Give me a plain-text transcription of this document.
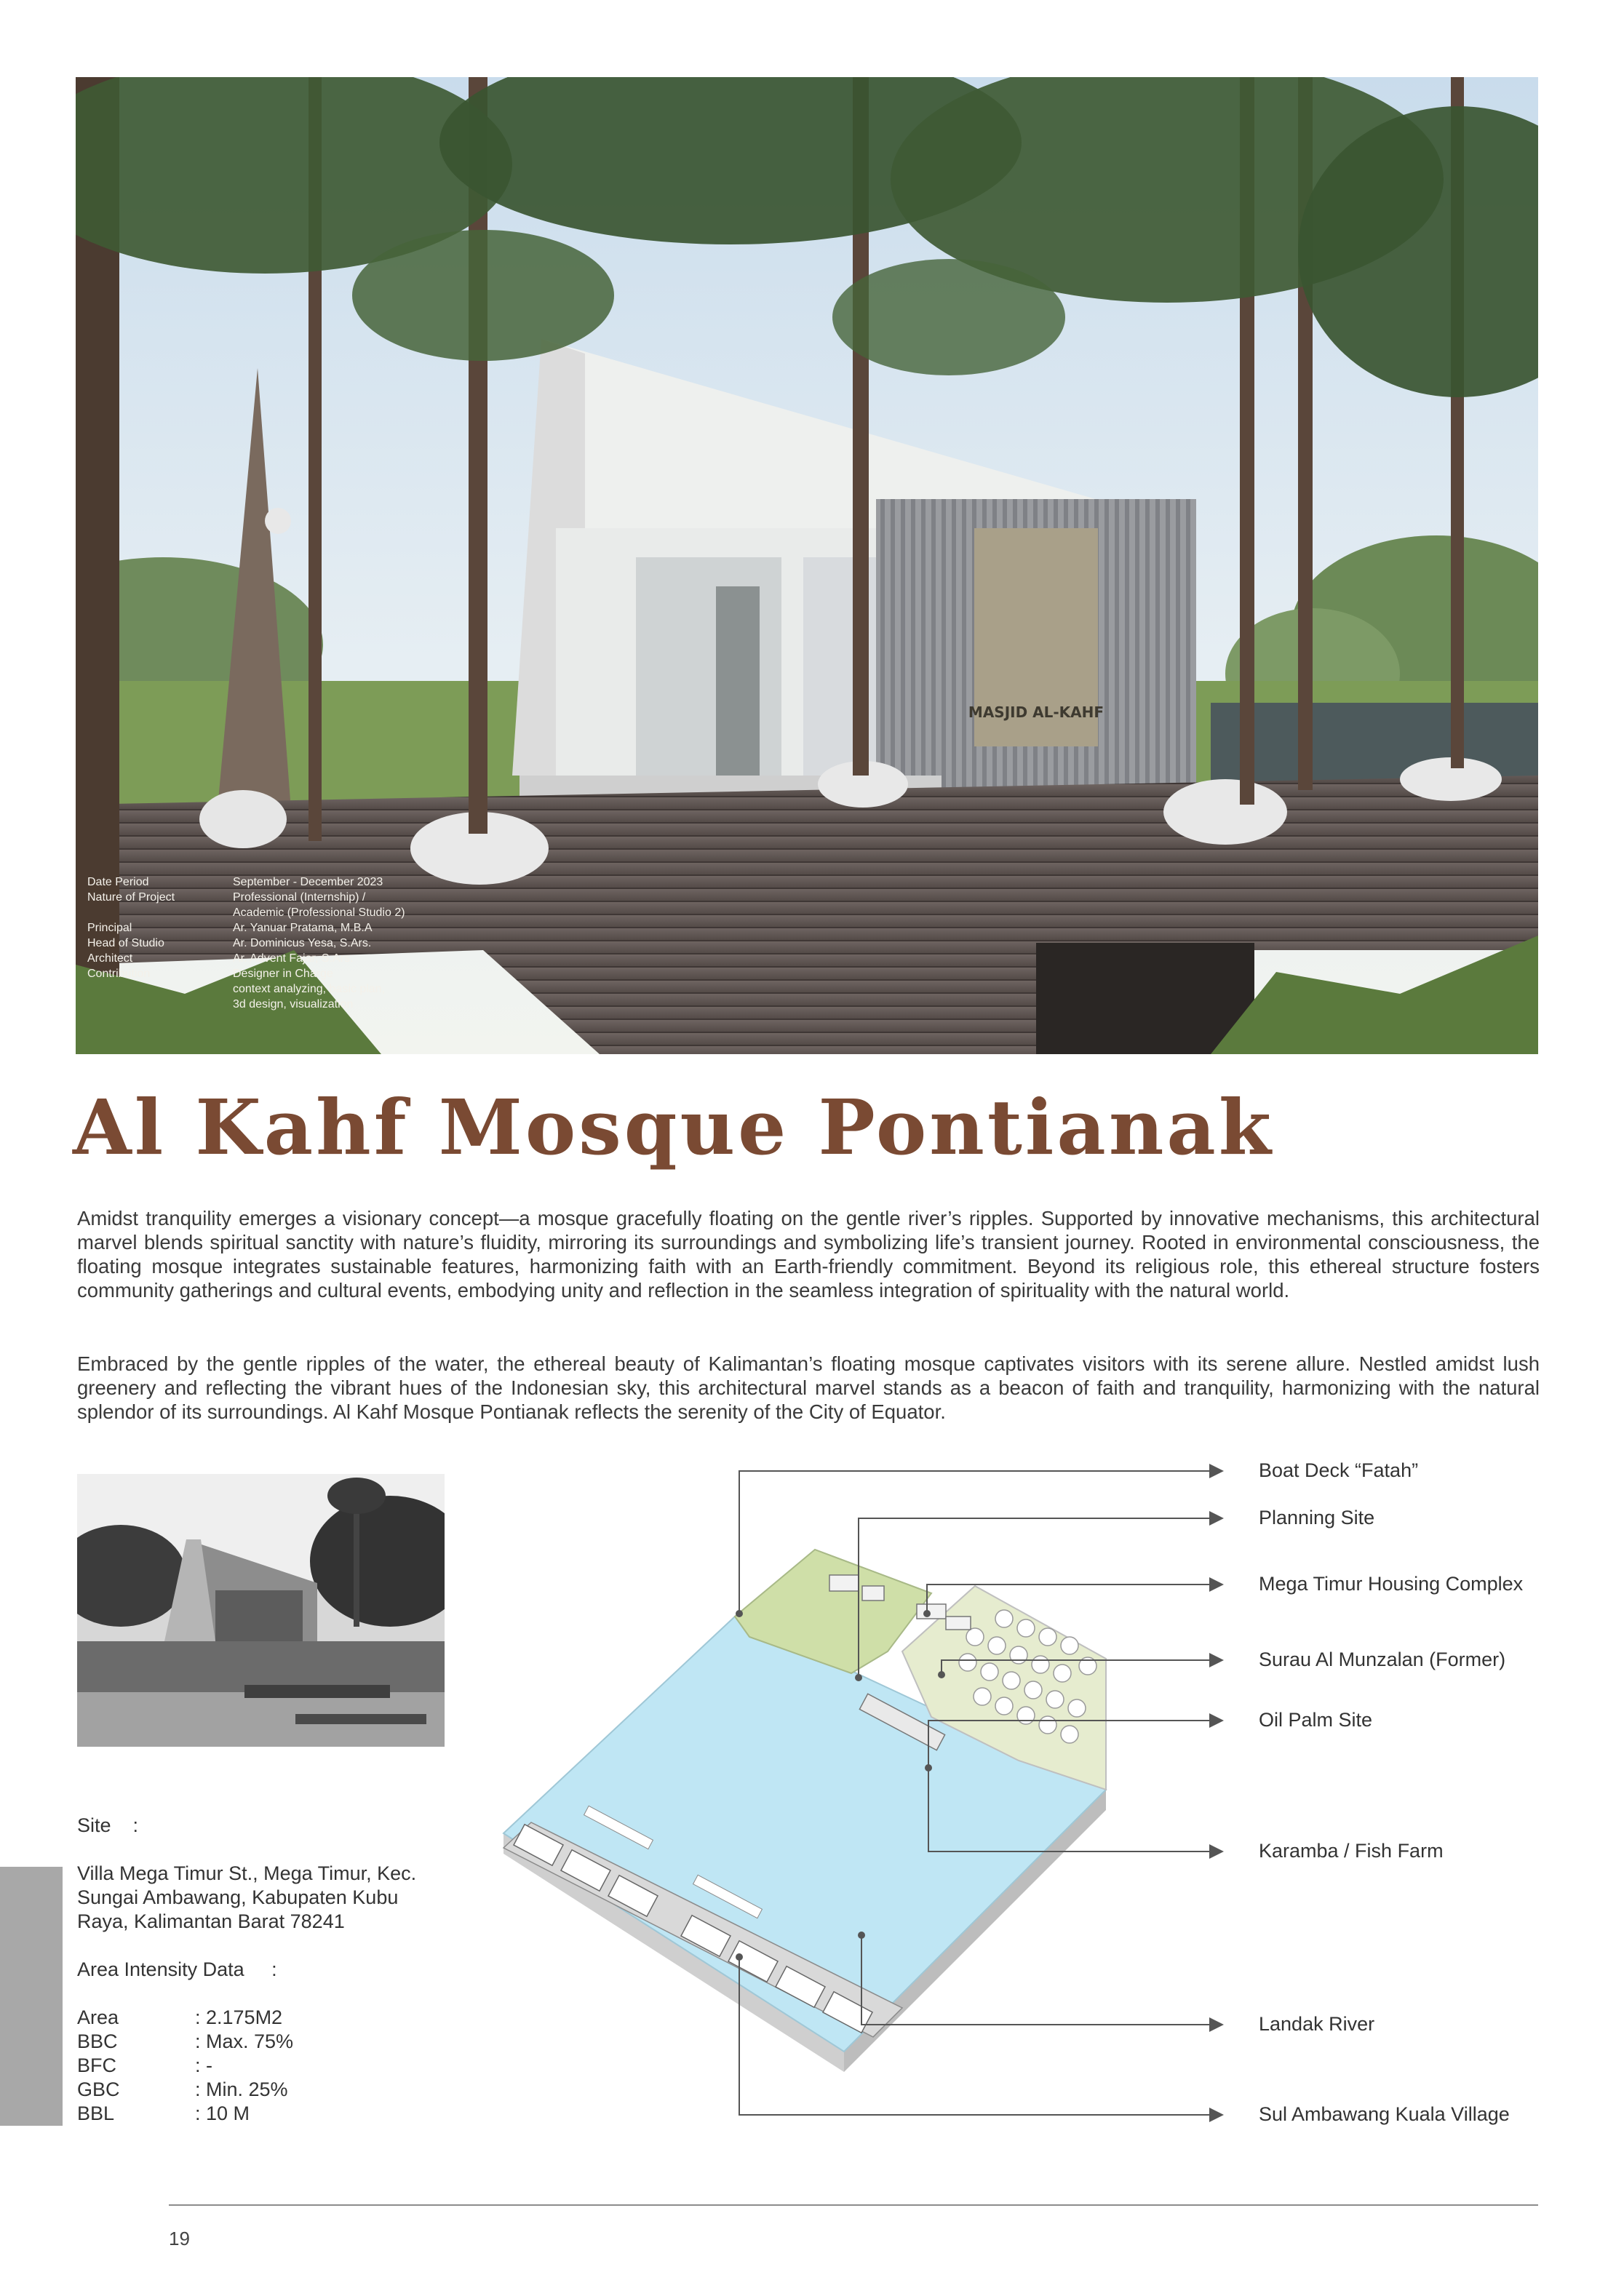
MASJID AL-KAHF
Date Period	September - December 2023
Nature of Project	Professional (Internship) /
Academic (Professional Studio 2)
Principal	Ar. Yanuar Pratama, M.B.A
Head of Studio	Ar. Dominicus Yesa, S.Ars.
Architect	Ar. Advent Fajar, S.Ars.
Contribution	Designer in Charge
context analyzing, basic plan,
3d design, visualization
Al Kahf Mosque Pontianak
Amidst tranquility emerges a visionary concept—a mosque gracefully floating on the gentle river’s ripples. Supported by innovative mechanisms, this architectural marvel blends spiritual sanctity with nature’s fluidity, mirroring its surroundings and symbolizing life’s transient journey. Rooted in environmental consciousness, the floating mosque integrates sustainable features, harmonizing faith with an Earth-friendly commitment. Beyond its religious role, this ethereal structure fosters community gatherings and cultural events, embodying unity and reflection in the seamless integration of spirituality with the natural world.
Embraced by the gentle ripples of the water, the ethereal beauty of Kalimantan’s floating mosque captivates visitors with its serene allure. Nestled amidst lush greenery and reflecting the vibrant hues of the Indonesian sky, this architectural marvel stands as a beacon of faith and tranquility, harmonizing with the natural splendor of its surroundings. Al Kahf Mosque Pontianak reflects the serenity of the City of Equator.
Site    :
Villa Mega Timur St., Mega Timur, Kec.
Sungai Ambawang, Kabupaten Kubu
Raya, Kalimantan Barat 78241
Area Intensity Data     :
Area	: 2.175M2
BBC	: Max. 75%
BFC	: -
GBC	: Min. 25%
BBL	: 10 M
Boat Deck “Fatah”
Planning Site
Mega Timur Housing Complex
Surau Al Munzalan (Former)
Oil Palm Site
Karamba / Fish Farm
Landak River
Sul Ambawang Kuala Village
19
